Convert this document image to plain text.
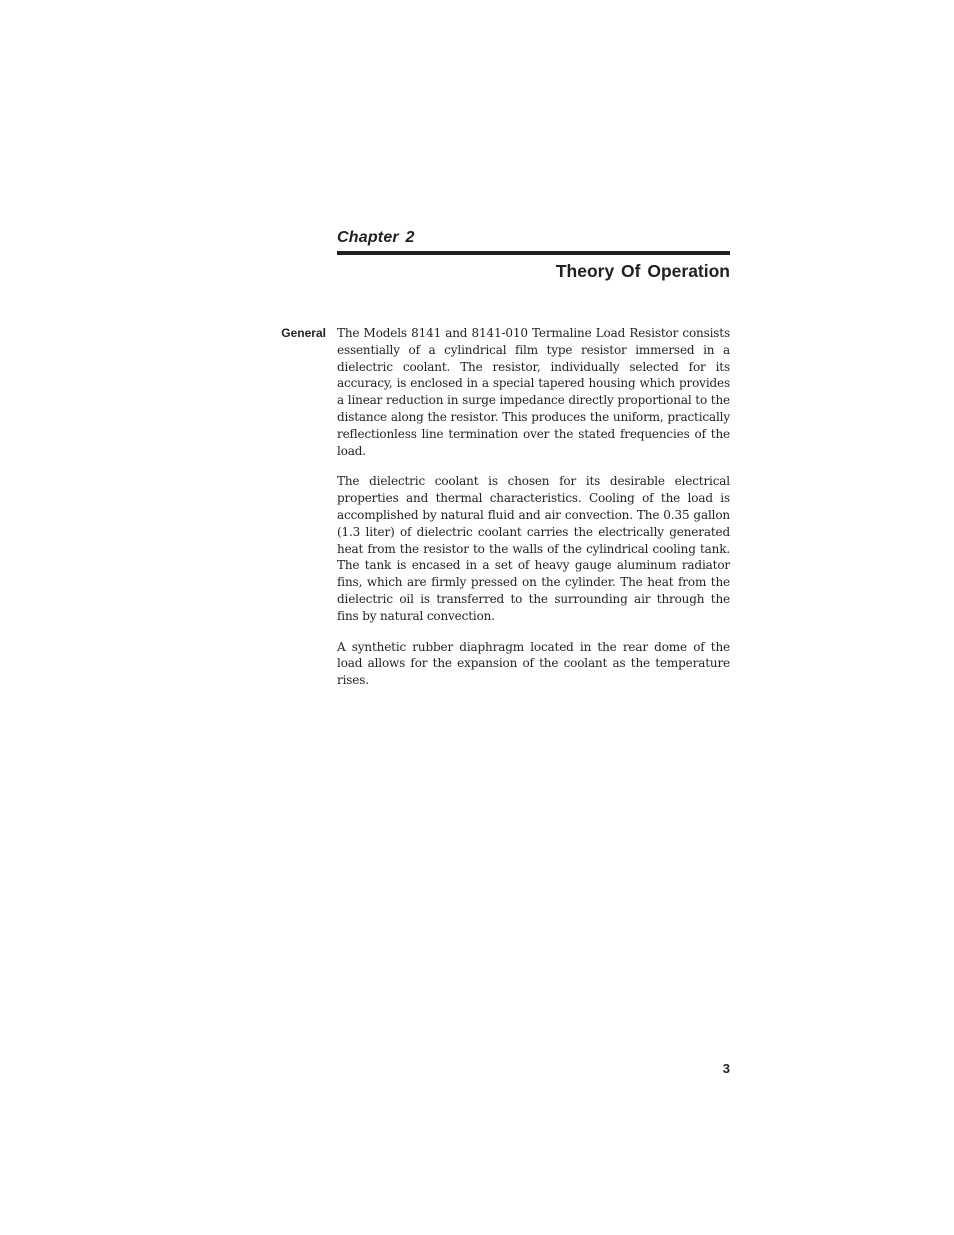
Chapter 2
Theory Of Operation
General The Models 8141 and 8141-010 Termaline Load Resistor consists essentially of a cylindrical film type resistor immersed in a dielectric coolant. The resistor, individually selected for its accuracy, is enclosed in a special tapered housing which provides a linear reduction in surge impedance directly proportional to the distance along the resistor. This produces the uniform, practically reflectionless line termination over the stated frequencies of the load.

The dielectric coolant is chosen for its desirable electrical properties and thermal characteristics. Cooling of the load is accomplished by natural fluid and air convection. The 0.35 gallon (1.3 liter) of dielectric coolant carries the electrically generated heat from the resistor to the walls of the cylindrical cooling tank. The tank is encased in a set of heavy gauge aluminum radiator fins, which are firmly pressed on the cylinder. The heat from the dielectric oil is transferred to the surrounding air through the fins by natural convection.

A synthetic rubber diaphragm located in the rear dome of the load allows for the expansion of the coolant as the temperature rises.

3
